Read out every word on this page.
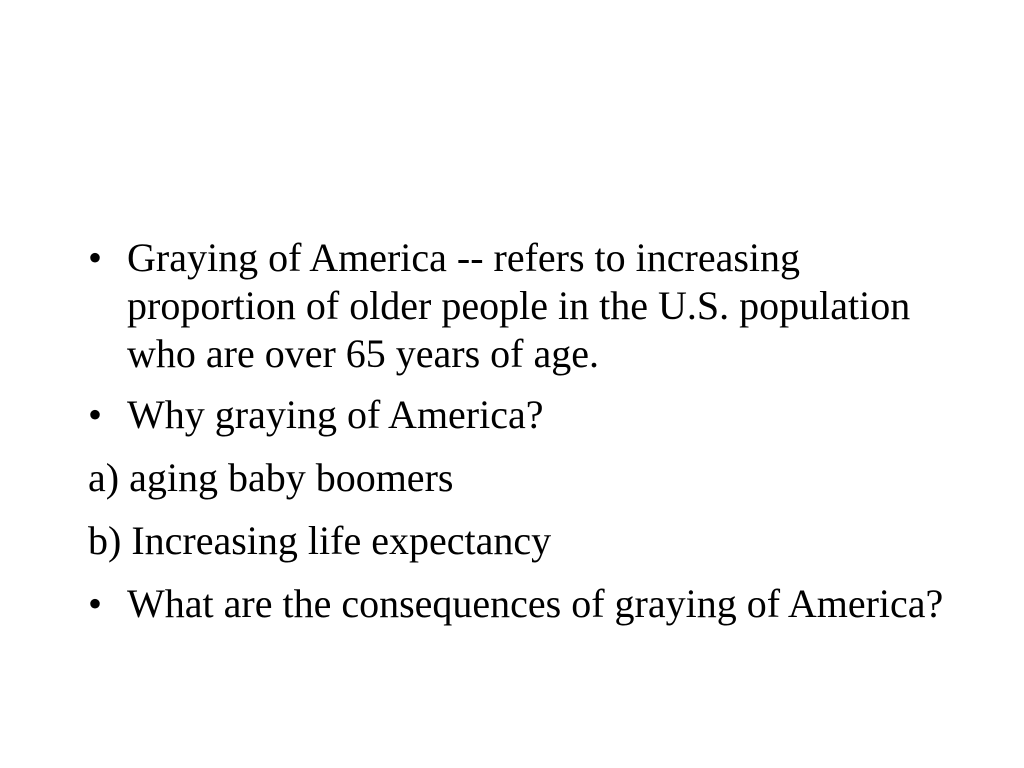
• Graying of America -- refers to increasing proportion of older people in the U.S. population who are over 65 years of age.

• Why graying of America?

a) aging baby boomers

b) Increasing life expectancy

• What are the consequences of graying of America?
